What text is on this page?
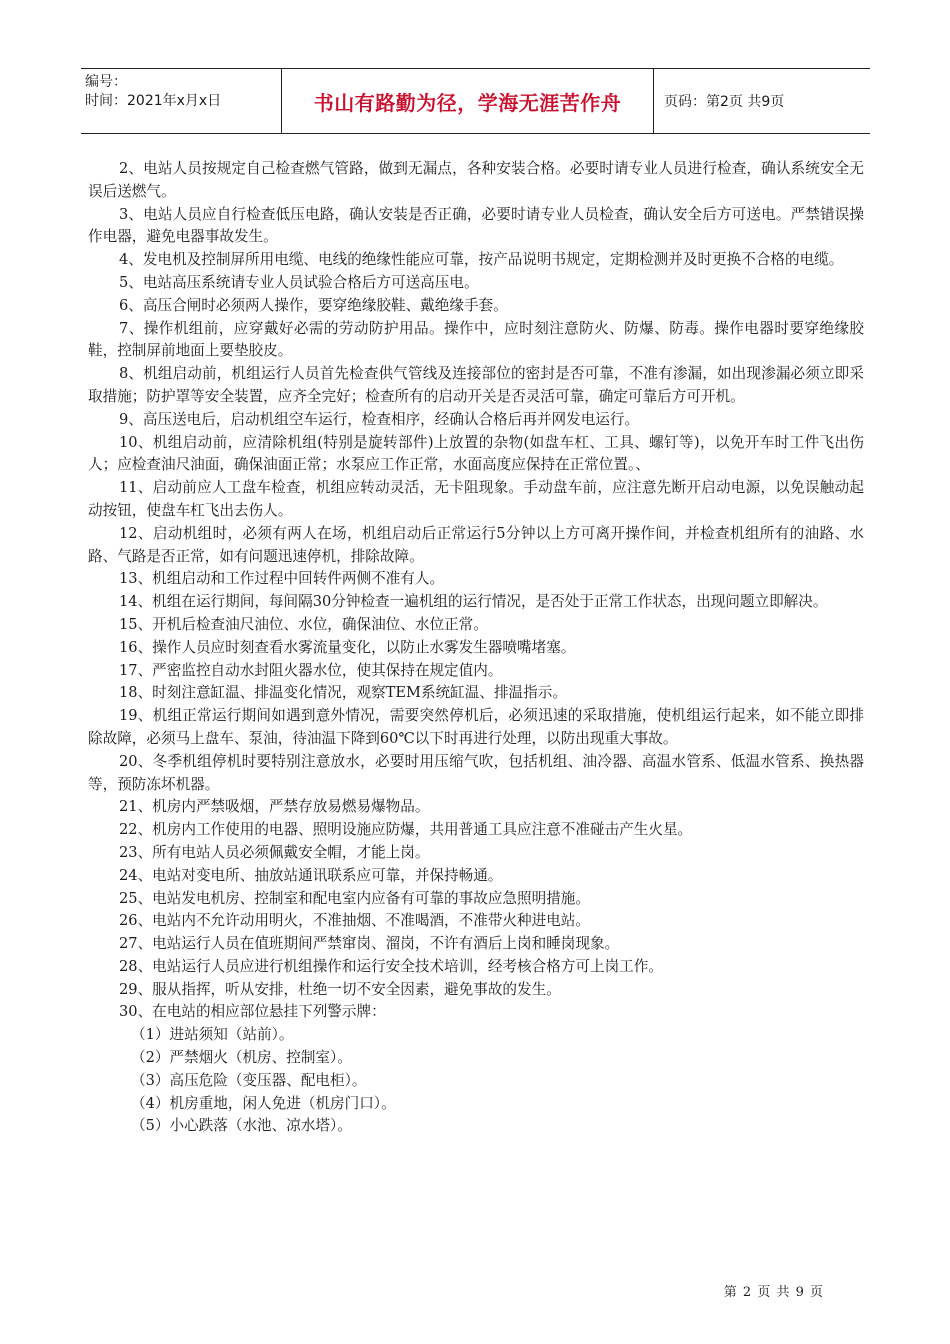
编号：
时间：2021年x月x日	书山有路勤为径，学海无涯苦作舟	页码：第2页 共9页

2、电站人员按规定自己检查燃气管路，做到无漏点，各种安装合格。必要时请专业人员进行检查，确认系统安全无误后送燃气。

3、电站人员应自行检查低压电路，确认安装是否正确，必要时请专业人员检查，确认安全后方可送电。严禁错误操作电器，避免电器事故发生。

4、发电机及控制屏所用电缆、电线的绝缘性能应可靠，按产品说明书规定，定期检测并及时更换不合格的电缆。

5、电站高压系统请专业人员试验合格后方可送高压电。

6、高压合闸时必须两人操作，要穿绝缘胶鞋、戴绝缘手套。

7、操作机组前，应穿戴好必需的劳动防护用品。操作中，应时刻注意防火、防爆、防毒。操作电器时要穿绝缘胶鞋，控制屏前地面上要垫胶皮。

8、机组启动前，机组运行人员首先检查供气管线及连接部位的密封是否可靠，不准有渗漏，如出现渗漏必须立即采取措施；防护罩等安全装置，应齐全完好；检查所有的启动开关是否灵活可靠，确定可靠后方可开机。

9、高压送电后，启动机组空车运行，检查相序，经确认合格后再并网发电运行。

10、机组启动前，应清除机组(特别是旋转部件)上放置的杂物(如盘车杠、工具、螺钉等)，以免开车时工件飞出伤人；应检查油尺油面，确保油面正常；水泵应工作正常，水面高度应保持在正常位置。、

11、启动前应人工盘车检查，机组应转动灵活，无卡阻现象。手动盘车前，应注意先断开启动电源，以免误触动起动按钮，使盘车杠飞出去伤人。

12、启动机组时，必须有两人在场，机组启动后正常运行5分钟以上方可离开操作间，并检查机组所有的油路、水路、气路是否正常，如有问题迅速停机，排除故障。

13、机组启动和工作过程中回转件两侧不准有人。

14、机组在运行期间，每间隔30分钟检查一遍机组的运行情况，是否处于正常工作状态，出现问题立即解决。

15、开机后检查油尺油位、水位，确保油位、水位正常。

16、操作人员应时刻查看水雾流量变化，以防止水雾发生器喷嘴堵塞。

17、严密监控自动水封阻火器水位，使其保持在规定值内。

18、时刻注意缸温、排温变化情况，观察TEM系统缸温、排温指示。

19、机组正常运行期间如遇到意外情况，需要突然停机后，必须迅速的采取措施，使机组运行起来，如不能立即排除故障，必须马上盘车、泵油，待油温下降到60℃以下时再进行处理，以防出现重大事故。

20、冬季机组停机时要特别注意放水，必要时用压缩气吹，包括机组、油冷器、高温水管系、低温水管系、换热器等，预防冻坏机器。

21、机房内严禁吸烟，严禁存放易燃易爆物品。

22、机房内工作使用的电器、照明设施应防爆，共用普通工具应注意不准碰击产生火星。

23、所有电站人员必须佩戴安全帽，才能上岗。

24、电站对变电所、抽放站通讯联系应可靠，并保持畅通。

25、电站发电机房、控制室和配电室内应备有可靠的事故应急照明措施。

26、电站内不允许动用明火，不准抽烟、不准喝酒，不准带火种进电站。

27、电站运行人员在值班期间严禁窜岗、溜岗，不许有酒后上岗和睡岗现象。

28、电站运行人员应进行机组操作和运行安全技术培训，经考核合格方可上岗工作。

29、服从指挥，听从安排，杜绝一切不安全因素，避免事故的发生。

30、在电站的相应部位悬挂下列警示牌：

（1）进站须知（站前）。

（2）严禁烟火（机房、控制室）。

（3）高压危险（变压器、配电柜）。

（4）机房重地，闲人免进（机房门口）。

（5）小心跌落（水池、凉水塔）。

第 2 页 共 9 页
